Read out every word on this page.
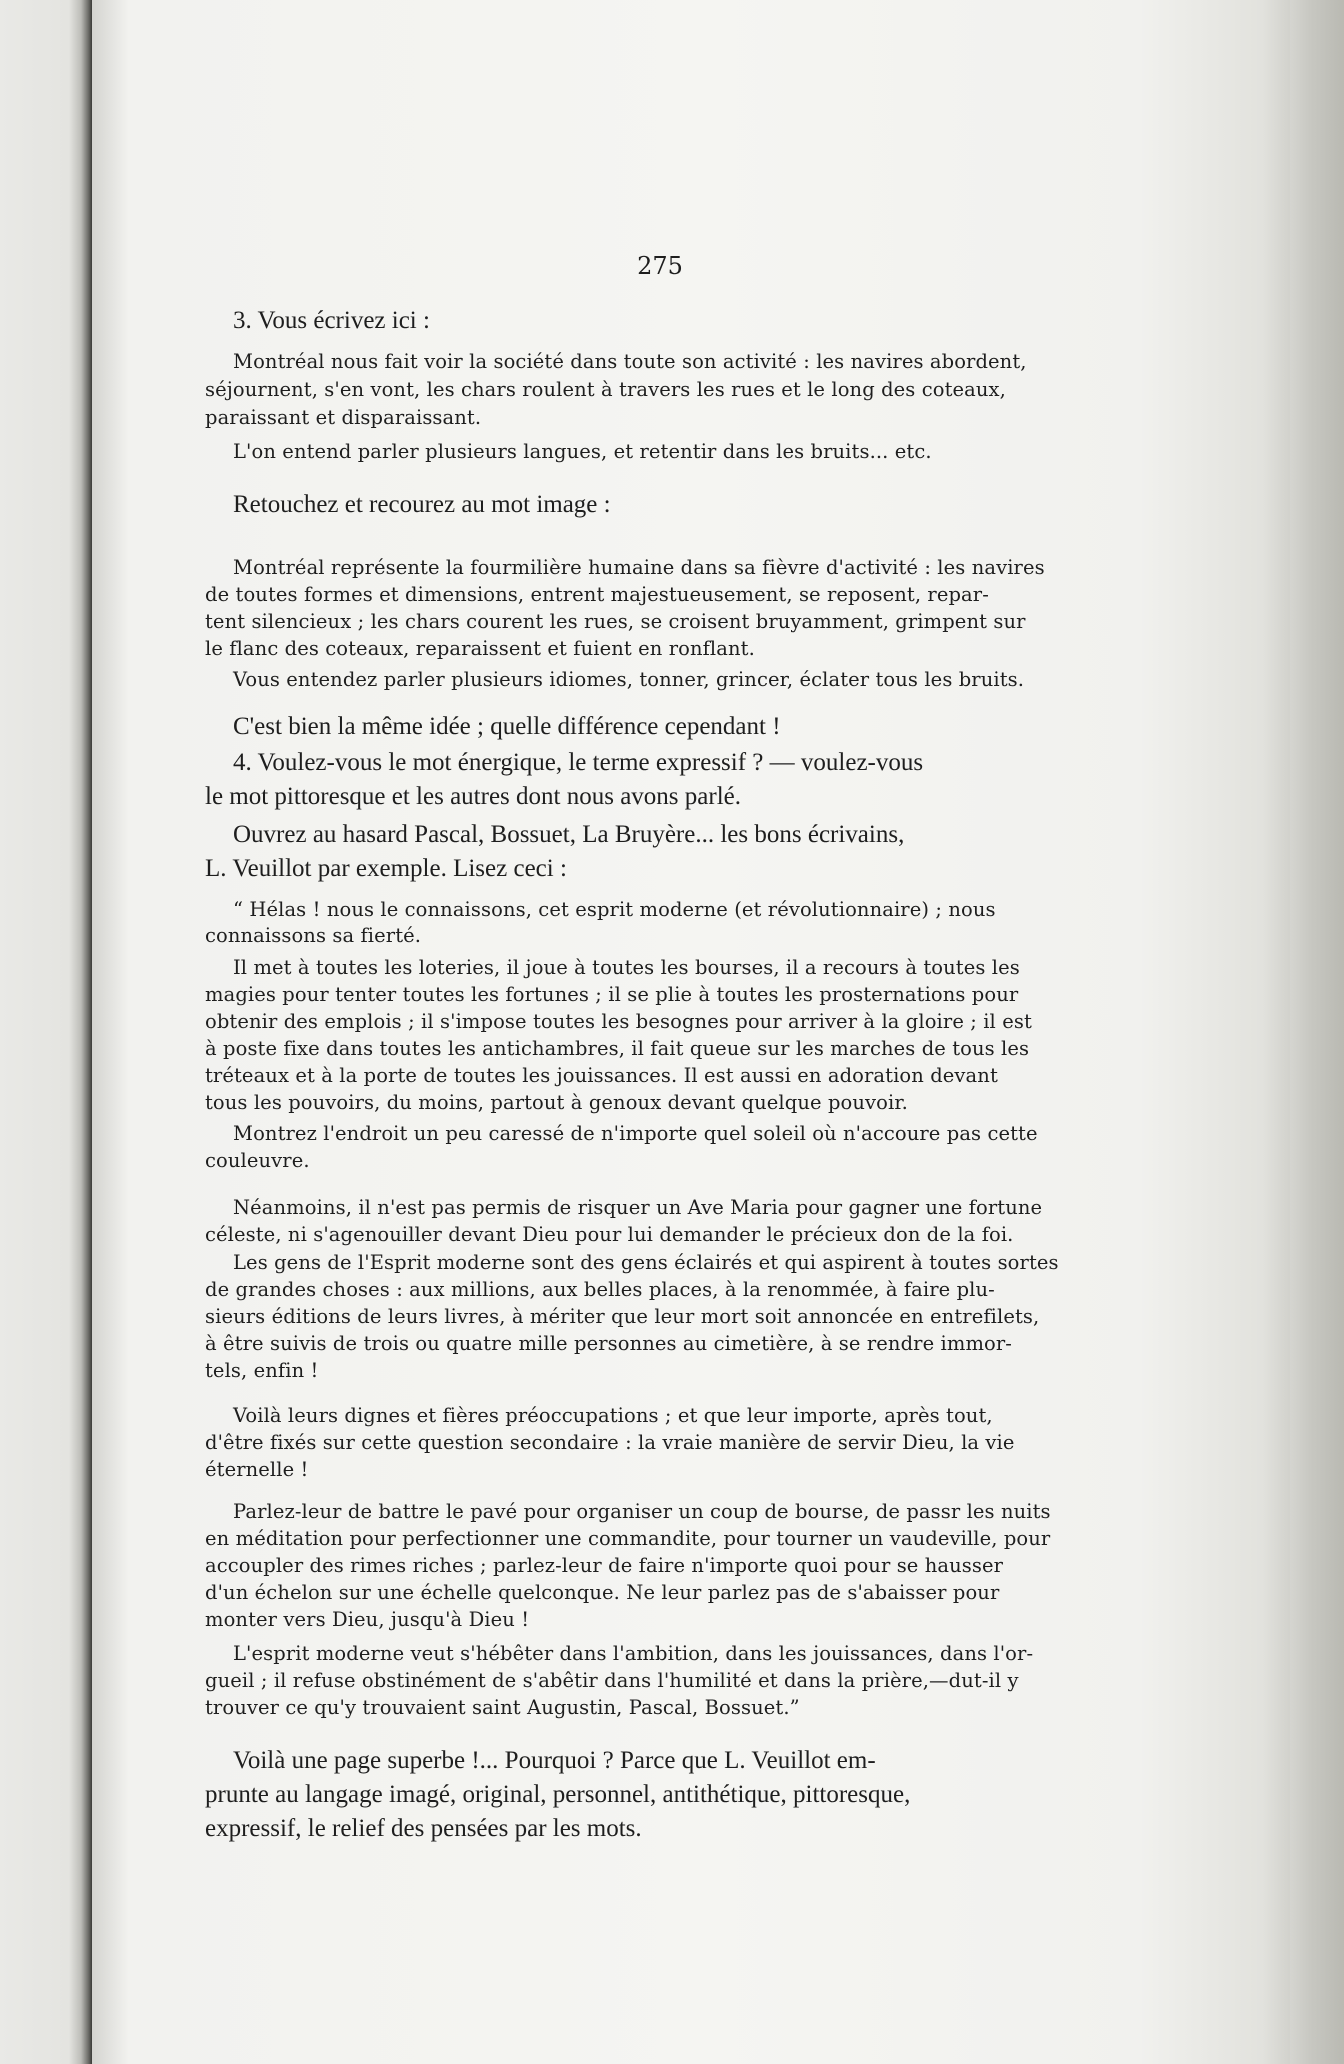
275

3. Vous écrivez ici :

Montréal nous fait voir la société dans toute son activité : les navires abordent,

séjournent, s'en vont, les chars roulent à travers les rues et le long des coteaux,

paraissant et disparaissant.

L'on entend parler plusieurs langues, et retentir dans les bruits... etc.

Retouchez et recourez au mot image :

Montréal représente la fourmilière humaine dans sa fièvre d'activité : les navires

de toutes formes et dimensions, entrent majestueusement, se reposent, repar-

tent silencieux ; les chars courent les rues, se croisent bruyamment, grimpent sur

le flanc des coteaux, reparaissent et fuient en ronflant.

Vous entendez parler plusieurs idiomes, tonner, grincer, éclater tous les bruits.

C'est bien la même idée ; quelle différence cependant !

4. Voulez-vous le mot énergique, le terme expressif ? — voulez-vous

le mot pittoresque et les autres dont nous avons parlé.

Ouvrez au hasard Pascal, Bossuet, La Bruyère... les bons écrivains,

L. Veuillot par exemple. Lisez ceci :

“ Hélas ! nous le connaissons, cet esprit moderne (et révolutionnaire) ; nous

connaissons sa fierté.

Il met à toutes les loteries, il joue à toutes les bourses, il a recours à toutes les

magies pour tenter toutes les fortunes ; il se plie à toutes les prosternations pour

obtenir des emplois ; il s'impose toutes les besognes pour arriver à la gloire ; il est

à poste fixe dans toutes les antichambres, il fait queue sur les marches de tous les

tréteaux et à la porte de toutes les jouissances. Il est aussi en adoration devant

tous les pouvoirs, du moins, partout à genoux devant quelque pouvoir.

Montrez l'endroit un peu caressé de n'importe quel soleil où n'accoure pas cette

couleuvre.

Néanmoins, il n'est pas permis de risquer un Ave Maria pour gagner une fortune

céleste, ni s'agenouiller devant Dieu pour lui demander le précieux don de la foi.

Les gens de l'Esprit moderne sont des gens éclairés et qui aspirent à toutes sortes

de grandes choses : aux millions, aux belles places, à la renommée, à faire plu-

sieurs éditions de leurs livres, à mériter que leur mort soit annoncée en entrefilets,

à être suivis de trois ou quatre mille personnes au cimetière, à se rendre immor-

tels, enfin !

Voilà leurs dignes et fières préoccupations ; et que leur importe, après tout,

d'être fixés sur cette question secondaire : la vraie manière de servir Dieu, la vie

éternelle !

Parlez-leur de battre le pavé pour organiser un coup de bourse, de passr les nuits

en méditation pour perfectionner une commandite, pour tourner un vaudeville, pour

accoupler des rimes riches ; parlez-leur de faire n'importe quoi pour se hausser

d'un échelon sur une échelle quelconque. Ne leur parlez pas de s'abaisser pour

monter vers Dieu, jusqu'à Dieu !

L'esprit moderne veut s'hébêter dans l'ambition, dans les jouissances, dans l'or-

gueil ; il refuse obstinément de s'abêtir dans l'humilité et dans la prière,—dut-il y

trouver ce qu'y trouvaient saint Augustin, Pascal, Bossuet.”

Voilà une page superbe !... Pourquoi ? Parce que L. Veuillot em-

prunte au langage imagé, original, personnel, antithétique, pittoresque,

expressif, le relief des pensées par les mots.
